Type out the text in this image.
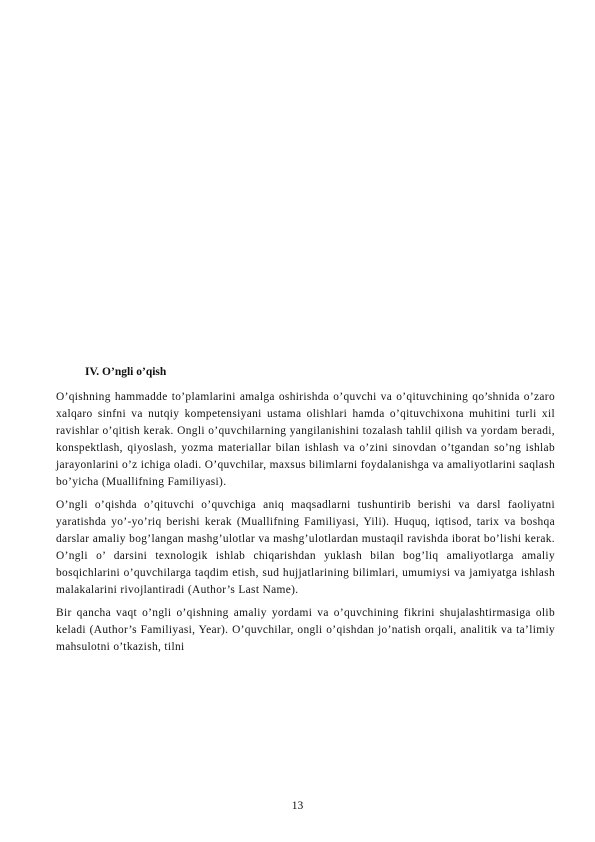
IV. O’ngli o’qish

O’qishning hammadde to’plamlarini amalga oshirishda o’quvchi va o’qituvchining qo’shnida o’zaro xalqaro sinfni va nutqiy kompetensiyani ustama olishlari hamda o’qituvchixona muhitini turli xil ravishlar o’qitish kerak. Ongli o’quvchilarning yangilanishini tozalash tahlil qilish va yordam beradi, konspektlash, qiyoslash, yozma materiallar bilan ishlash va o’zini sinovdan o’tgandan so’ng ishlab jarayonlarini o’z ichiga oladi. O’quvchilar, maxsus bilimlarni foydalanishga va amaliyotlarini saqlash bo’yicha (Muallifning Familiyasi).

O’ngli o’qishda o’qituvchi o’quvchiga aniq maqsadlarni tushuntirib berishi va darsl faoliyatni yaratishda yo’-yo’riq berishi kerak (Muallifning Familiyasi, Yili). Huquq, iqtisod, tarix va boshqa darslar amaliy bog’langan mashg’ulotlar va mashg’ulotlardan mustaqil ravishda iborat bo’lishi kerak. O’ngli o’ darsini texnologik ishlab chiqarishdan yuklash bilan bog’liq amaliyotlarga amaliy bosqichlarini o’quvchilarga taqdim etish, sud hujjatlarining bilimlari, umumiysi va jamiyatga ishlash malakalarini rivojlantiradi (Author’s Last Name).

Bir qancha vaqt o’ngli o’qishning amaliy yordami va o’quvchining fikrini shujalashtirmasiga olib keladi (Author’s Familiyasi, Year). O’quvchilar, ongli o’qishdan jo’natish orqali, analitik va ta’limiy mahsulotni o’tkazish, tilni

13
